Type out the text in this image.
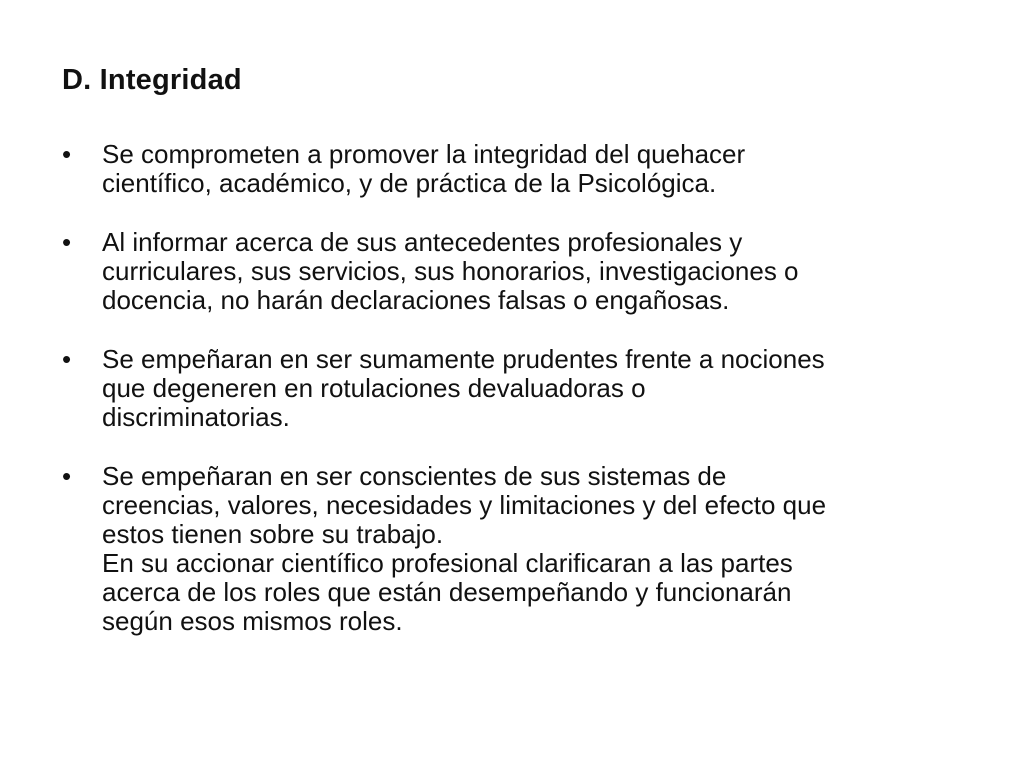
D. Integridad
• Se comprometen a promover la integridad del quehacer
científico, académico, y de práctica de la Psicológica.
• Al informar acerca de sus antecedentes profesionales y
curriculares, sus servicios, sus honorarios, investigaciones o
docencia, no harán declaraciones falsas o engañosas.
• Se empeñaran en ser sumamente prudentes frente a nociones
que degeneren en rotulaciones devaluadoras o
discriminatorias.
• Se empeñaran en ser conscientes de sus sistemas de
creencias, valores, necesidades y limitaciones y del efecto que
estos tienen sobre su trabajo.
En su accionar científico profesional clarificaran a las partes
acerca de los roles que están desempeñando y funcionarán
según esos mismos roles.
